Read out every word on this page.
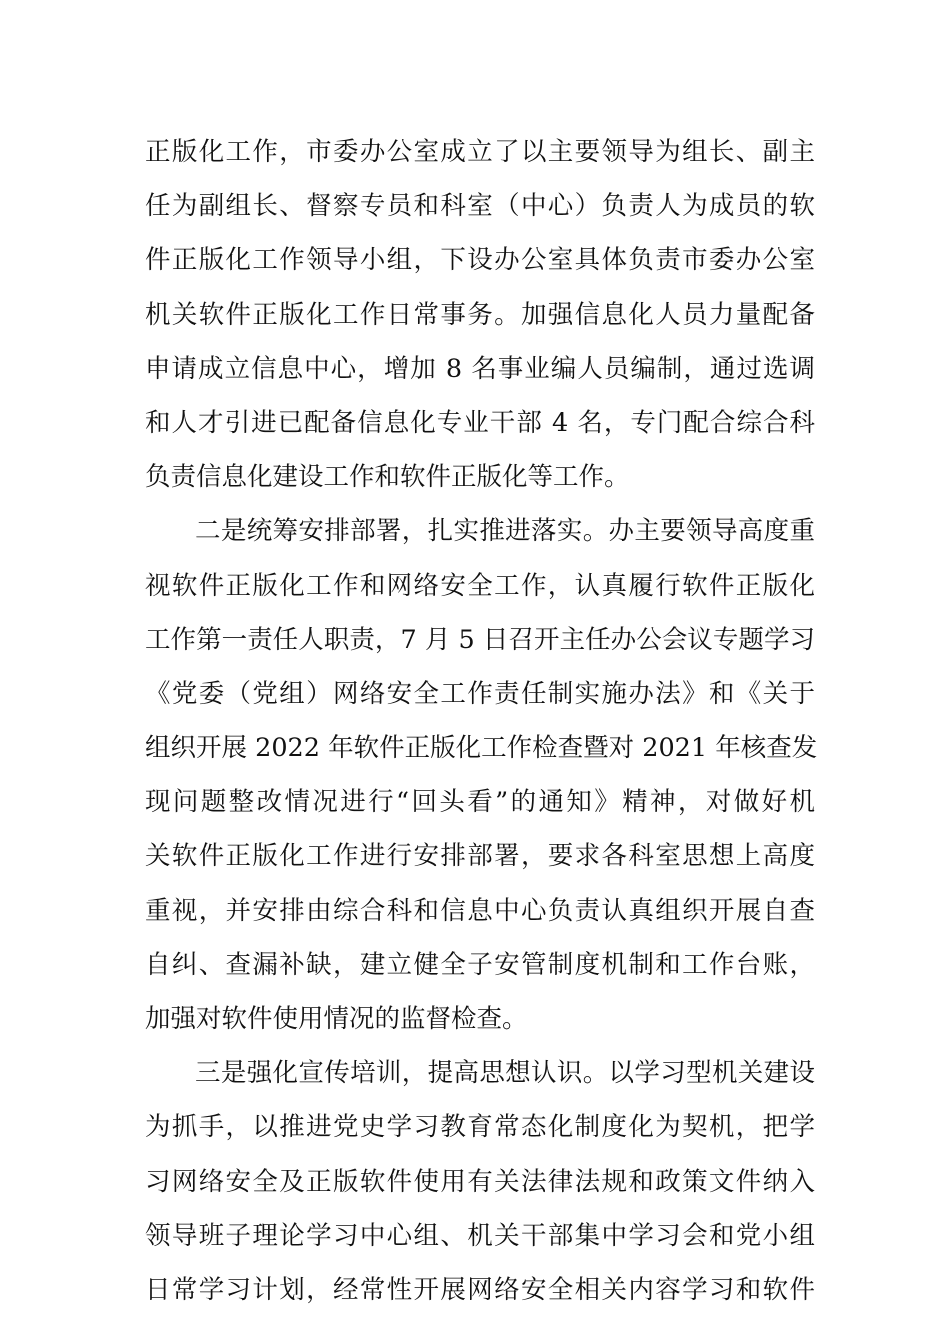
正版化工作，市委办公室成立了以主要领导为组长、副主
任为副组长、督察专员和科室（中心）负责人为成员的软
件正版化工作领导小组，下设办公室具体负责市委办公室
机关软件正版化工作日常事务。加强信息化人员力量配备
申请成立信息中心，增加 8 名事业编人员编制，通过选调
和人才引进已配备信息化专业干部 4 名，专门配合综合科
负责信息化建设工作和软件正版化等工作。
二是统筹安排部署，扎实推进落实。办主要领导高度重
视软件正版化工作和网络安全工作，认真履行软件正版化
工作第一责任人职责，7 月 5 日召开主任办公会议专题学习
《党委（党组）网络安全工作责任制实施办法》和《关于
组织开展 2022 年软件正版化工作检查暨对 2021 年核查发
现问题整改情况进行“回头看”的通知》精神，对做好机
关软件正版化工作进行安排部署，要求各科室思想上高度
重视，并安排由综合科和信息中心负责认真组织开展自查
自纠、查漏补缺，建立健全子安管制度机制和工作台账，
加强对软件使用情况的监督检查。
三是强化宣传培训，提高思想认识。以学习型机关建设
为抓手，以推进党史学习教育常态化制度化为契机，把学
习网络安全及正版软件使用有关法律法规和政策文件纳入
领导班子理论学习中心组、机关干部集中学习会和党小组
日常学习计划，经常性开展网络安全相关内容学习和软件
